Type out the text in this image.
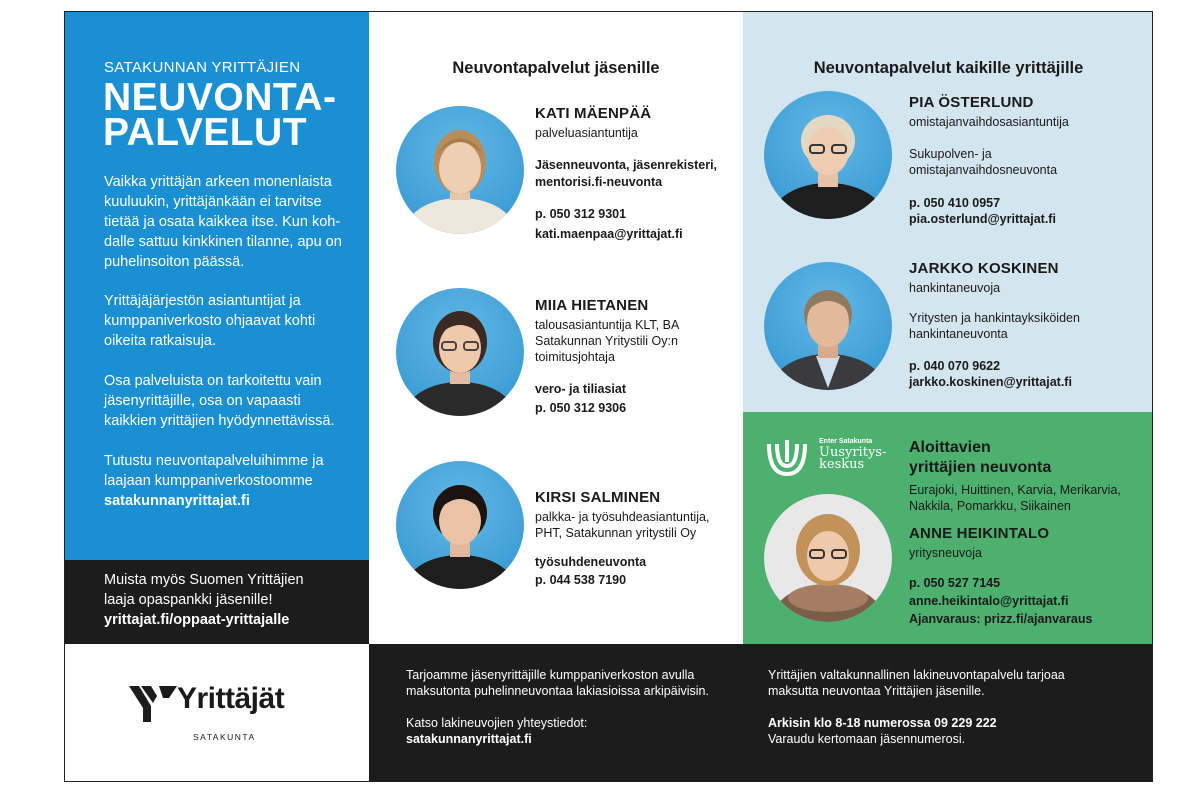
SATAKUNNAN YRITTÄJIEN
NEUVONTA-
PALVELUT
Vaikka yrittäjän arkeen monenlaista
kuuluukin, yrittäjänkään ei tarvitse
tietää ja osata kaikkea itse. Kun koh-
dalle sattuu kinkkinen tilanne, apu on
puhelinsoiton päässä.
Yrittäjäjärjestön asiantuntijat ja
kumppaniverkosto ohjaavat kohti
oikeita ratkaisuja.
Osa palveluista on tarkoitettu vain
jäsenyrittäjille, osa on vapaasti
kaikkien yrittäjien hyödynnettävissä.
Tutustu neuvontapalveluihimme ja
laajaan kumppaniverkostoomme
satakunnanyrittajat.fi
Muista myös Suomen Yrittäjien
laaja opaspankki jäsenille!
yrittajat.fi/oppaat-yrittajalle
Yrittäjät
SATAKUNTA
Neuvontapalvelut jäsenille
KATI MÄENPÄÄ
palveluasiantuntija
Jäsenneuvonta, jäsenrekisteri,
mentorisi.fi-neuvonta
p. 050 312 9301
kati.maenpaa@yrittajat.fi
MIIA HIETANEN
talousasiantuntija KLT, BA
Satakunnan Yritystili Oy:n
toimitusjohtaja
vero- ja tiliasiat
p. 050 312 9306
KIRSI SALMINEN
palkka- ja työsuhdeasiantuntija,
PHT, Satakunnan yritystili Oy
työsuhdeneuvonta
p. 044 538 7190
Neuvontapalvelut kaikille yrittäjille
PIA ÖSTERLUND
omistajanvaihdosasiantuntija
Sukupolven- ja
omistajanvaihdosneuvonta
p. 050 410 0957
pia.osterlund@yrittajat.fi
JARKKO KOSKINEN
hankintaneuvoja
Yritysten ja hankintayksiköiden
hankintaneuvonta
p. 040 070 9622
jarkko.koskinen@yrittajat.fi
Enter Satakunta
Uusyritys-
keskus
Aloittavien
yrittäjien neuvonta
Eurajoki, Huittinen, Karvia, Merikarvia,
Nakkila, Pomarkku, Siikainen
ANNE HEIKINTALO
yritysneuvoja
p. 050 527 7145
anne.heikintalo@yrittajat.fi
Ajanvaraus: prizz.fi/ajanvaraus
Tarjoamme jäsenyrittäjille kumppaniverkoston avulla
maksutonta puhelinneuvontaa lakiasioissa arkipäivisin.
Katso lakineuvojien yhteystiedot:
satakunnanyrittajat.fi
Yrittäjien valtakunnallinen lakineuvontapalvelu tarjoaa
maksutta neuvontaa Yrittäjien jäsenille.
Arkisin klo 8-18 numerossa 09 229 222
Varaudu kertomaan jäsennumerosi.
